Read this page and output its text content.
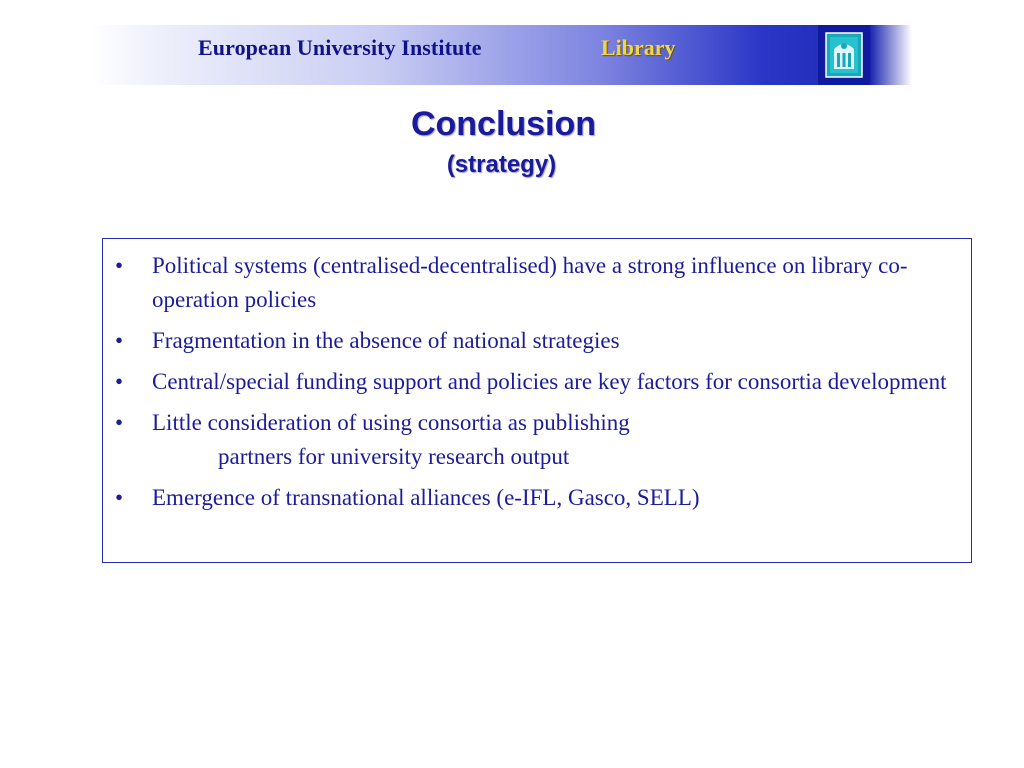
European University Institute	Library
Conclusion
(strategy)
• Political systems (centralised-decentralised) have a strong influence on library co-operation policies
• Fragmentation in the absence of national strategies
• Central/special funding support and policies are key factors for consortia development
• Little consideration of using consortia as publishing
partners for university research output
• Emergence of transnational alliances (e-IFL, Gasco, SELL)
